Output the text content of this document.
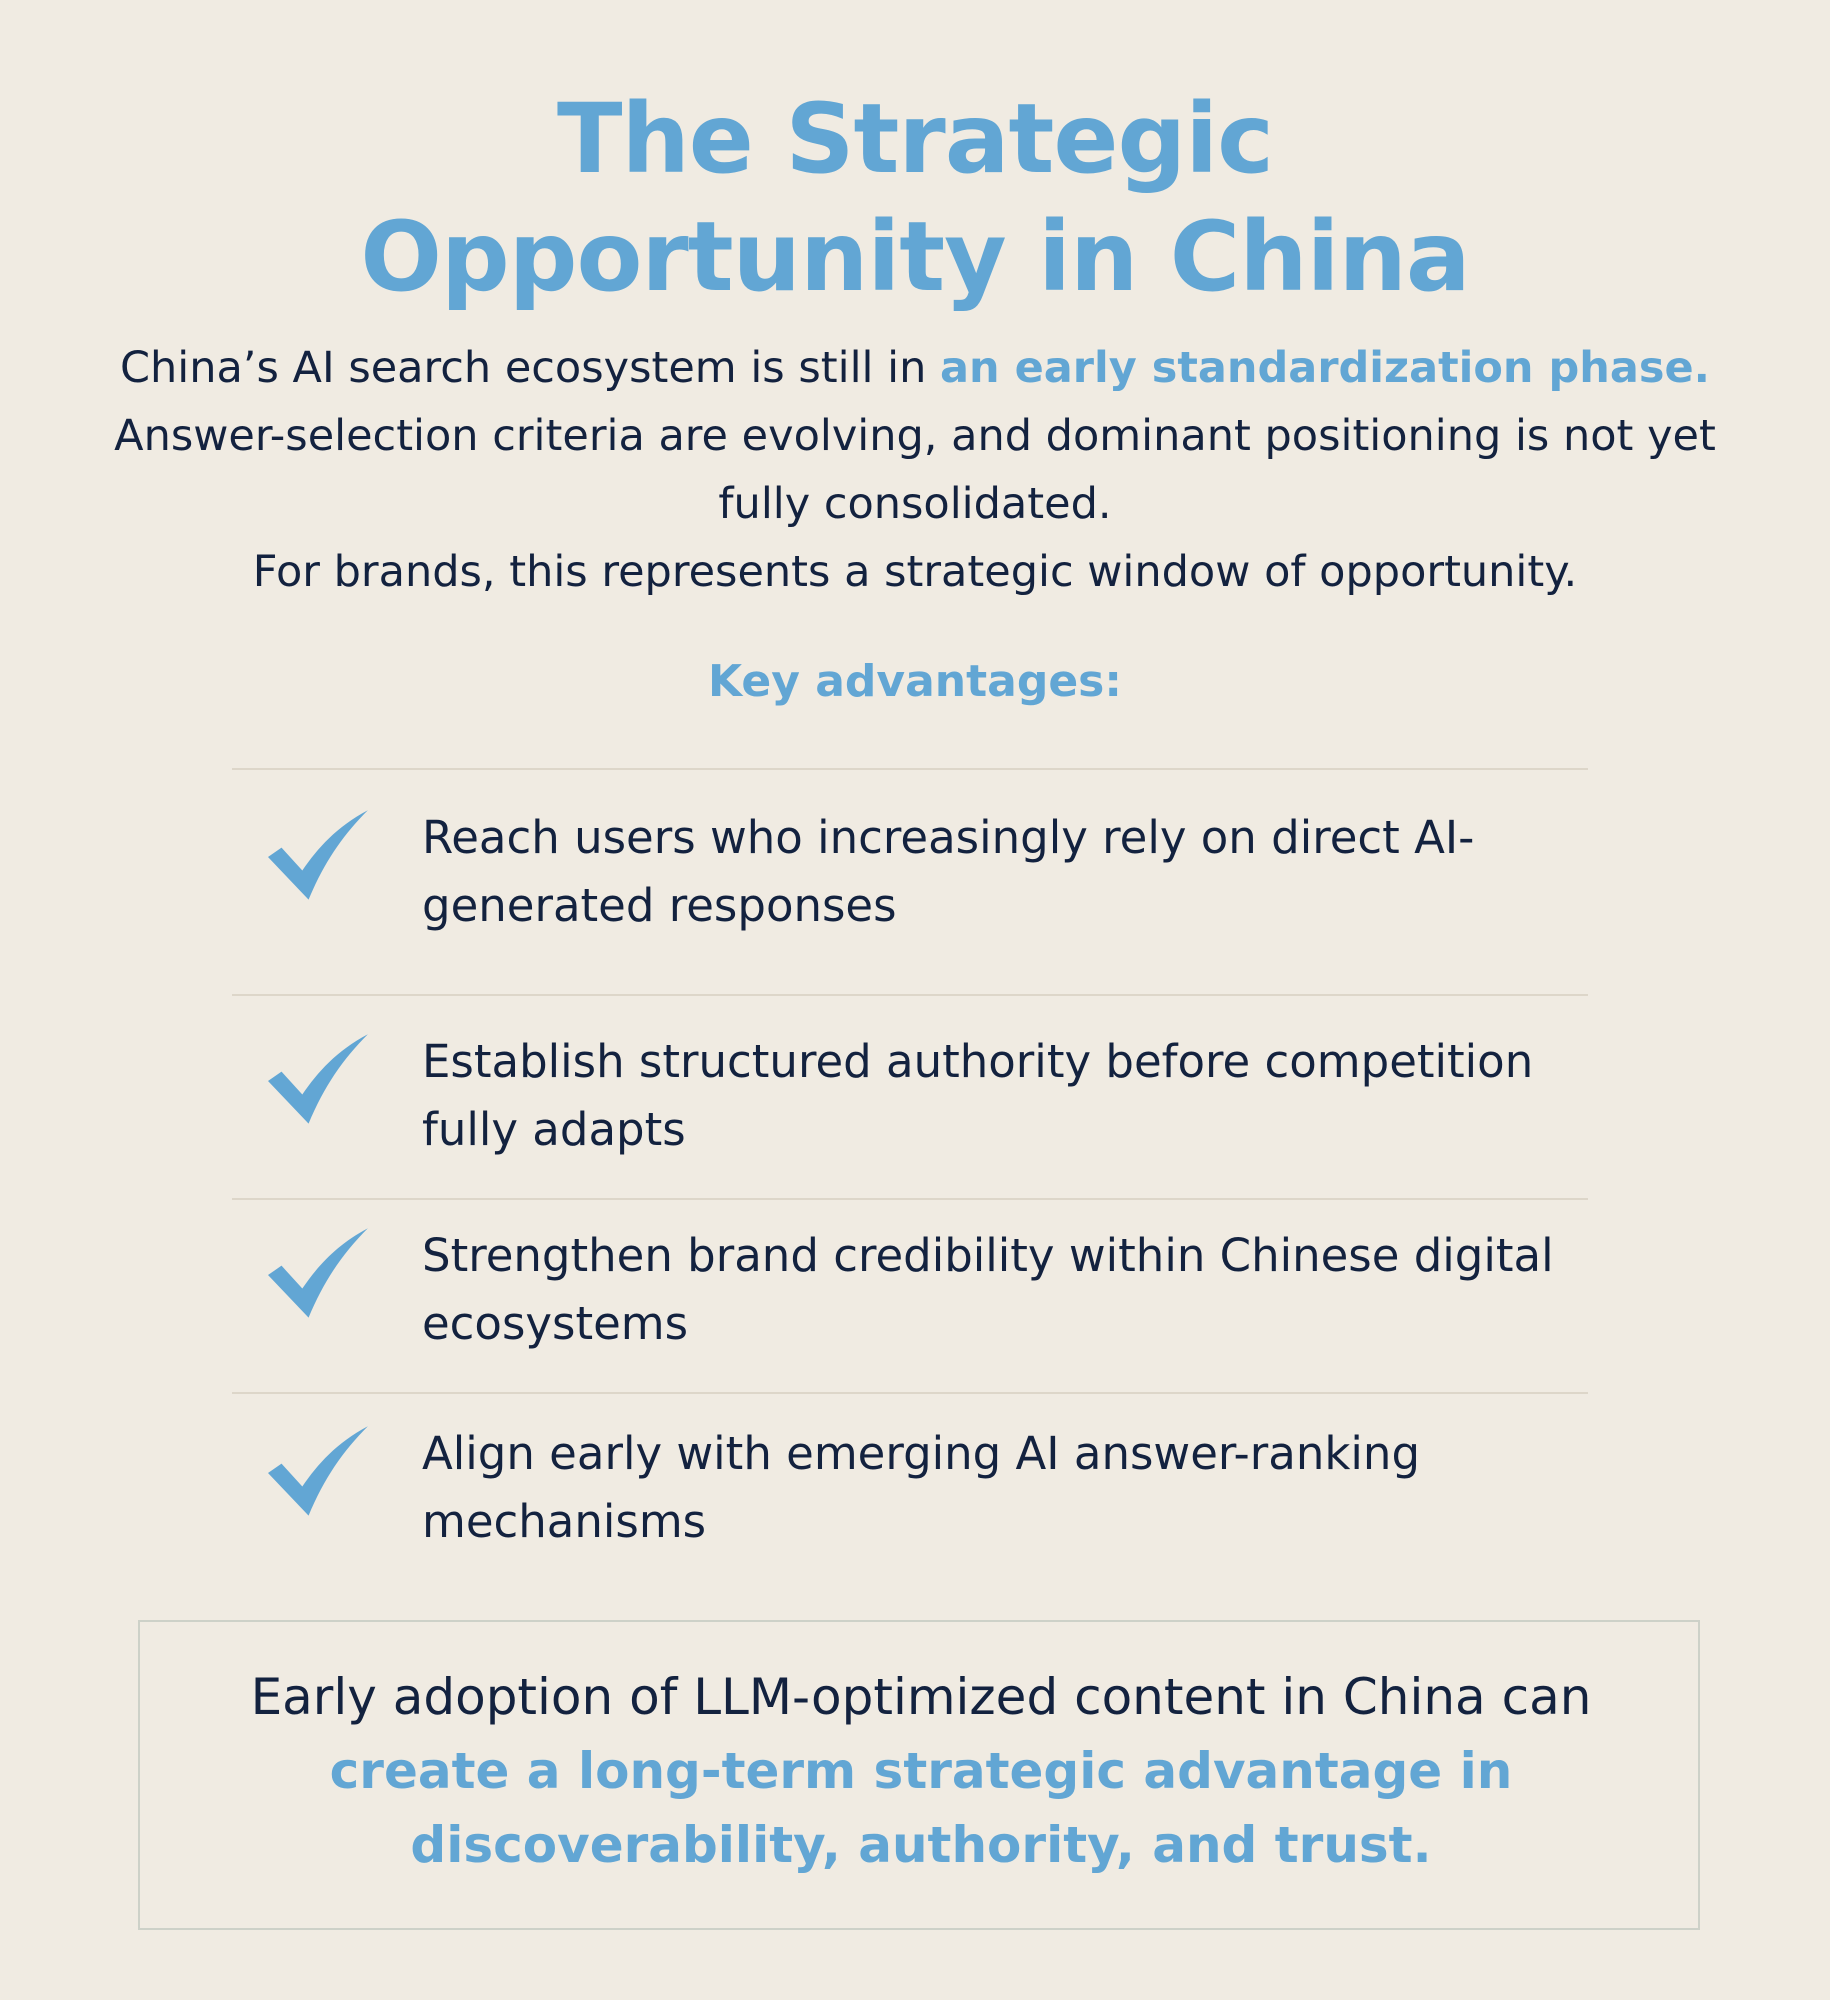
The Strategic
Opportunity in China

China’s AI search ecosystem is still in an early standardization phase. Answer-selection criteria are evolving, and dominant positioning is not yet fully consolidated.
For brands, this represents a strategic window of opportunity.

Key advantages:
Reach users who increasingly rely on direct AI-generated responses
Establish structured authority before competition fully adapts
Strengthen brand credibility within Chinese digital ecosystems
Align early with emerging AI answer-ranking mechanisms
Early adoption of LLM-optimized content in China can create a long-term strategic advantage in discoverability, authority, and trust.
